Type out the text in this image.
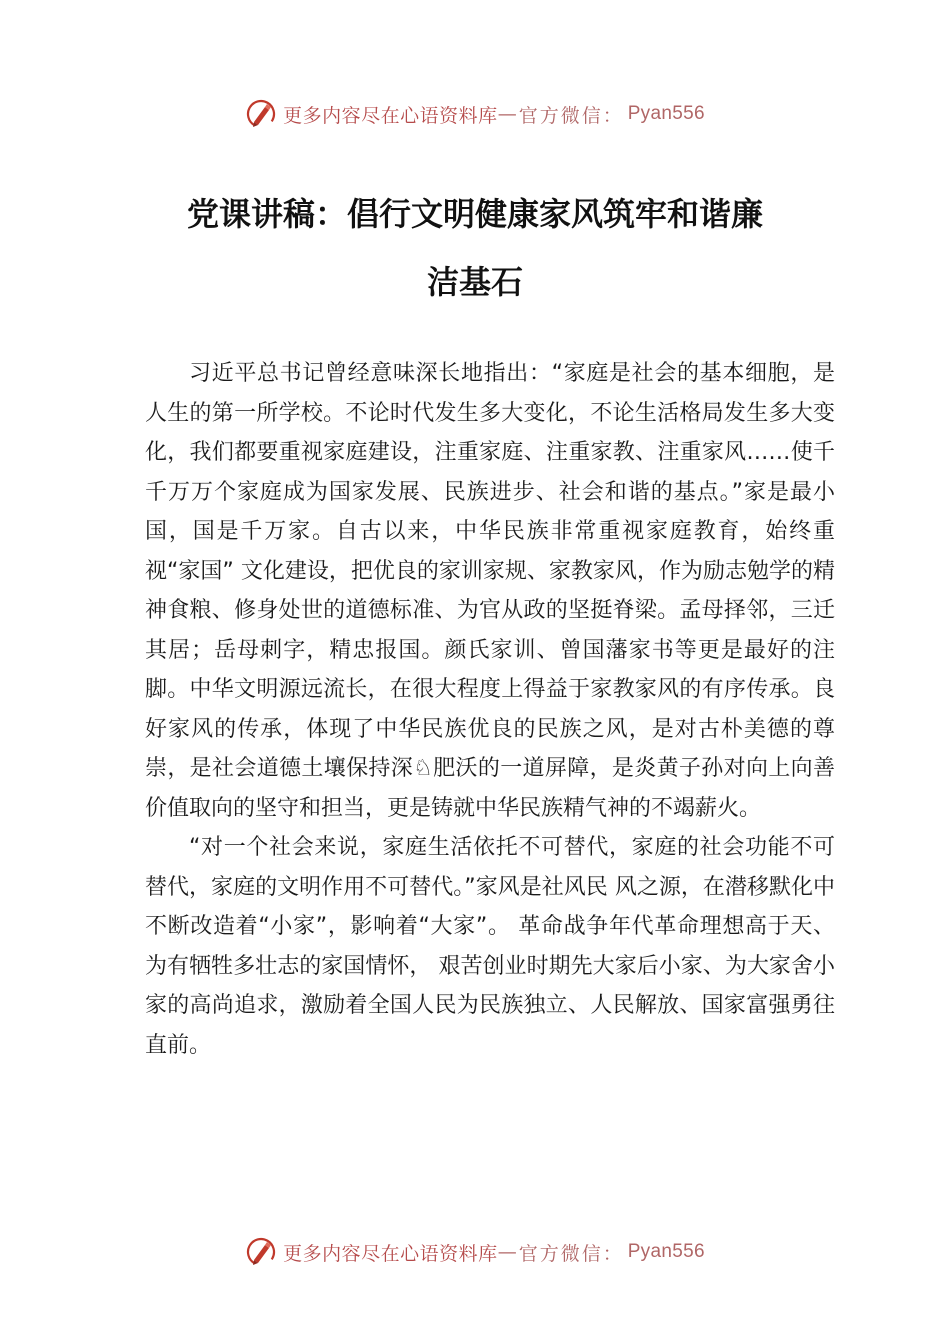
更多内容尽在心语资料库 — 官方微信： Pyan556
党课讲稿：倡行文明健康家风筑牢和谐廉
洁基石

习近平总书记曾经意味深长地指出：“家庭是社会的基本细胞，是人生的第一所学校。不论时代发生多大变化，不论生活格局发生多大变化，我们都要重视家庭建设，注重家庭、注重家教、注重家风……使千千万万个家庭成为国家发展、民族进步、社会和谐的基点。”家是最小国，国是千万家。自古以来，中华民族非常重视家庭教育，始终重视“家国” 文化建设，把优良的家训家规、家教家风，作为励志勉学的精神食粮、修身处世的道德标准、为官从政的坚挺脊梁。孟母择邻，三迁其居；岳母刺字，精忠报国。颜氏家训、曾国藩家书等更是最好的注脚。中华文明源远流长，在很大程度上得益于家教家风的有序传承。良好家风的传承，体现了中华民族优良的民族之风，是对古朴美德的尊崇，是社会道德土壤保持深♘肥沃的一道屏障，是炎黄子孙对向上向善价值取向的坚守和担当，更是铸就中华民族精气神的不竭薪火。

“对一个社会来说，家庭生活依托不可替代，家庭的社会功能不可替代，家庭的文明作用不可替代。”家风是社风民 风之源，在潜移默化中不断改造着“小家”，影响着“大家”。 革命战争年代革命理想高于天、为有牺牲多壮志的家国情怀， 艰苦创业时期先大家后小家、为大家舍小家的高尚追求，激励着全国人民为民族独立、人民解放、国家富强勇往直前。

更多内容尽在心语资料库 — 官方微信： Pyan556
